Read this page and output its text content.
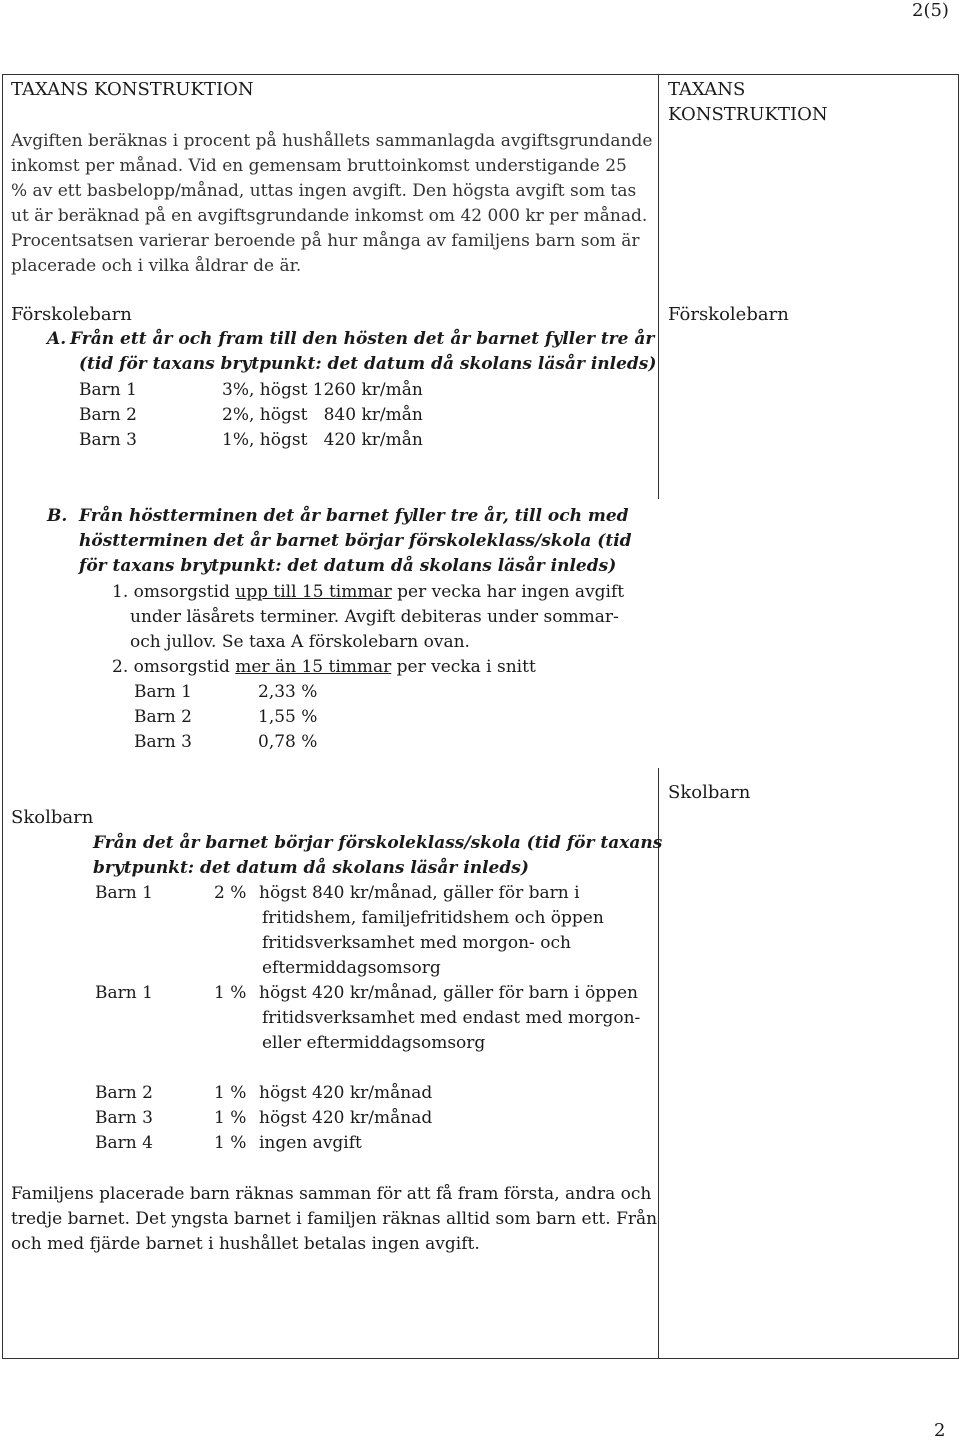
2(5)
TAXANS KONSTRUKTION
Avgiften beräknas i procent på hushållets sammanlagda avgiftsgrundande
inkomst per månad. Vid en gemensam bruttoinkomst understigande 25
% av ett basbelopp/månad, uttas ingen avgift. Den högsta avgift som tas
ut är beräknad på en avgiftsgrundande inkomst om 42 000 kr per månad.
Procentsatsen varierar beroende på hur många av familjens barn som är
placerade och i vilka åldrar de är.
Förskolebarn
A. Från ett år och fram till den hösten det år barnet fyller tre år
(tid för taxans brytpunkt: det datum då skolans läsår inleds)
Barn 1	3%, högst 1260 kr/mån
Barn 2	2%, högst   840 kr/mån
Barn 3	1%, högst   420 kr/mån
B. Från höstterminen det år barnet fyller tre år, till och med
höstterminen det år barnet börjar förskoleklass/skola (tid
för taxans brytpunkt: det datum då skolans läsår inleds)
1. omsorgstid upp till 15 timmar per vecka har ingen avgift
under läsårets terminer. Avgift debiteras under sommar-
och jullov. Se taxa A förskolebarn ovan.
2. omsorgstid mer än 15 timmar per vecka i snitt
Barn 1	2,33 %
Barn 2	1,55 %
Barn 3	0,78 %
Skolbarn
Från det år barnet börjar förskoleklass/skola (tid för taxans
brytpunkt: det datum då skolans läsår inleds)
Barn 1	2 % högst 840 kr/månad, gäller för barn i
fritidshem, familjefritidshem och öppen
fritidsverksamhet med morgon- och
eftermiddagsomsorg
Barn 1	1 % högst 420 kr/månad, gäller för barn i öppen
fritidsverksamhet med endast med morgon-
eller eftermiddagsomsorg
Barn 2	1 % högst 420 kr/månad
Barn 3	1 % högst 420 kr/månad
Barn 4	1 % ingen avgift
Familjens placerade barn räknas samman för att få fram första, andra och
tredje barnet. Det yngsta barnet i familjen räknas alltid som barn ett. Från
och med fjärde barnet i hushållet betalas ingen avgift.
TAXANS
KONSTRUKTION
Förskolebarn
Skolbarn
2
